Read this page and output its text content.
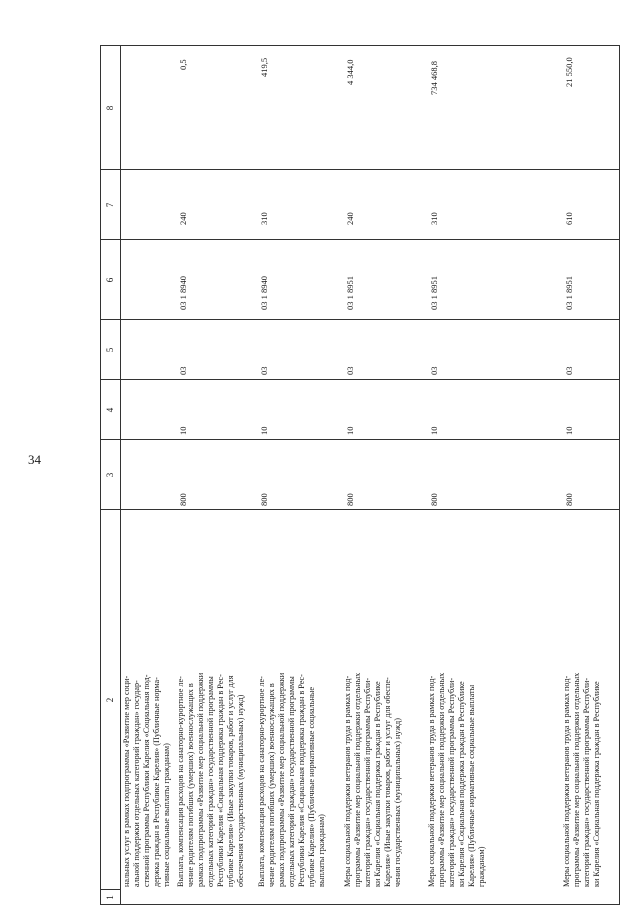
34
1
2
3
4
5
6
7
8
нальных услуг в рамках подпрограммы «Развитие мер соци-
альной поддержки отдельных категорий граждан» государ-
ственной программы Республики Карелия «Социальная под-
держка граждан в Республике Карелия» (Публичные норма-
тивные социальные выплаты гражданам)
Выплата, компенсация расходов на санаторно-курортное ле-
чение родителям погибших (умерших) военнослужащих в
рамках подпрограммы «Развитие мер социальной поддержки
отдельных категорий граждан» государственной программы
Республики Карелия «Социальная поддержка граждан в Рес-
публике Карелия» (Иные закупки товаров, работ и услуг для
обеспечения государственных (муниципальных) нужд)
800
10
03
03 1 8940
240
0,5
Выплата, компенсация расходов на санаторно-курортное ле-
чение родителям погибших (умерших) военнослужащих в
рамках подпрограммы «Развитие мер социальной поддержки
отдельных категорий граждан» государственной программы
Республики Карелия «Социальная поддержка граждан в Рес-
публике Карелия» (Публичные нормативные социальные
выплаты гражданам)
800
10
03
03 1 8940
310
419,5
Меры социальной поддержки ветеранов труда в рамках под-
программы «Развитие мер социальной поддержки отдельных
категорий граждан» государственной программы Республи-
ки Карелия «Социальная поддержка граждан в Республике
Карелия» (Иные закупки товаров, работ и услуг для обеспе-
чения государственных (муниципальных) нужд)
800
10
03
03 1 8951
240
4 344,0
Меры социальной поддержки ветеранов труда в рамках под-
программы «Развитие мер социальной поддержки отдельных
категорий граждан» государственной программы Республи-
ки Карелия «Социальная поддержка граждан в Республике
Карелия» (Публичные нормативные социальные выплаты
гражданам)
800
10
03
03 1 8951
310
734 468,8
Меры социальной поддержки ветеранов труда в рамках под-
программы «Развитие мер социальной поддержки отдельных
категорий граждан» государственной программы Республи-
ки Карелия «Социальная поддержка граждан в Республике
800
10
03
03 1 8951
610
21 550,0
